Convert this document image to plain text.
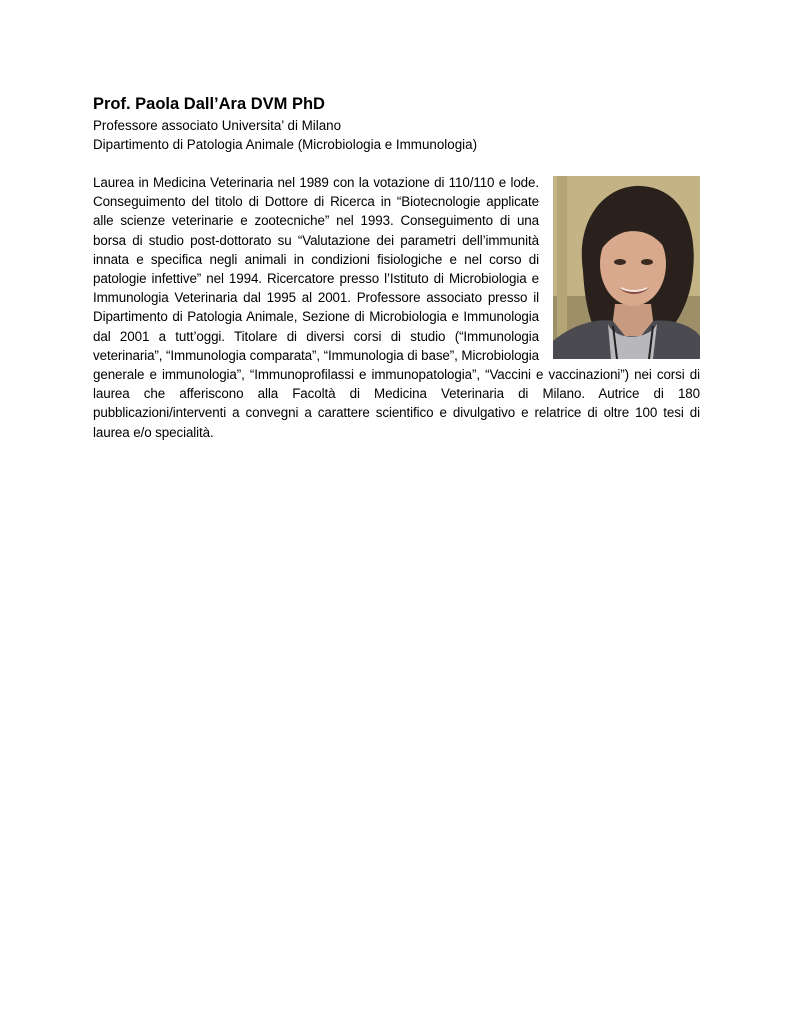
Prof. Paola Dall’Ara DVM PhD
Professore associato Universita’ di Milano
Dipartimento di Patologia Animale (Microbiologia e Immunologia)
Laurea in Medicina Veterinaria nel 1989 con la votazione di 110/110 e lode. Conseguimento del titolo di Dottore di Ricerca in “Biotecnologie applicate alle scienze veterinarie e zootecniche” nel 1993. Conseguimento di una borsa di studio post-dottorato su “Valutazione dei parametri dell’immunità innata e specifica negli animali in condizioni fisiologiche e nel corso di patologie infettive” nel 1994. Ricercatore presso l’Istituto di Microbiologia e Immunologia Veterinaria dal 1995 al 2001. Professore associato presso il Dipartimento di Patologia Animale, Sezione di Microbiologia e Immunologia dal 2001 a tutt’oggi. Titolare di diversi corsi di studio (“Immunologia veterinaria”, “Immunologia comparata”, “Immunologia di base”, Microbiologia generale e immunologia”, “Immunoprofilassi e immunopatologia”, “Vaccini e vaccinazioni”) nei corsi di laurea che afferiscono alla Facoltà di Medicina Veterinaria di Milano. Autrice di 180 pubblicazioni/interventi a convegni a carattere scientifico e divulgativo e relatrice di oltre 100 tesi di laurea e/o specialità.
